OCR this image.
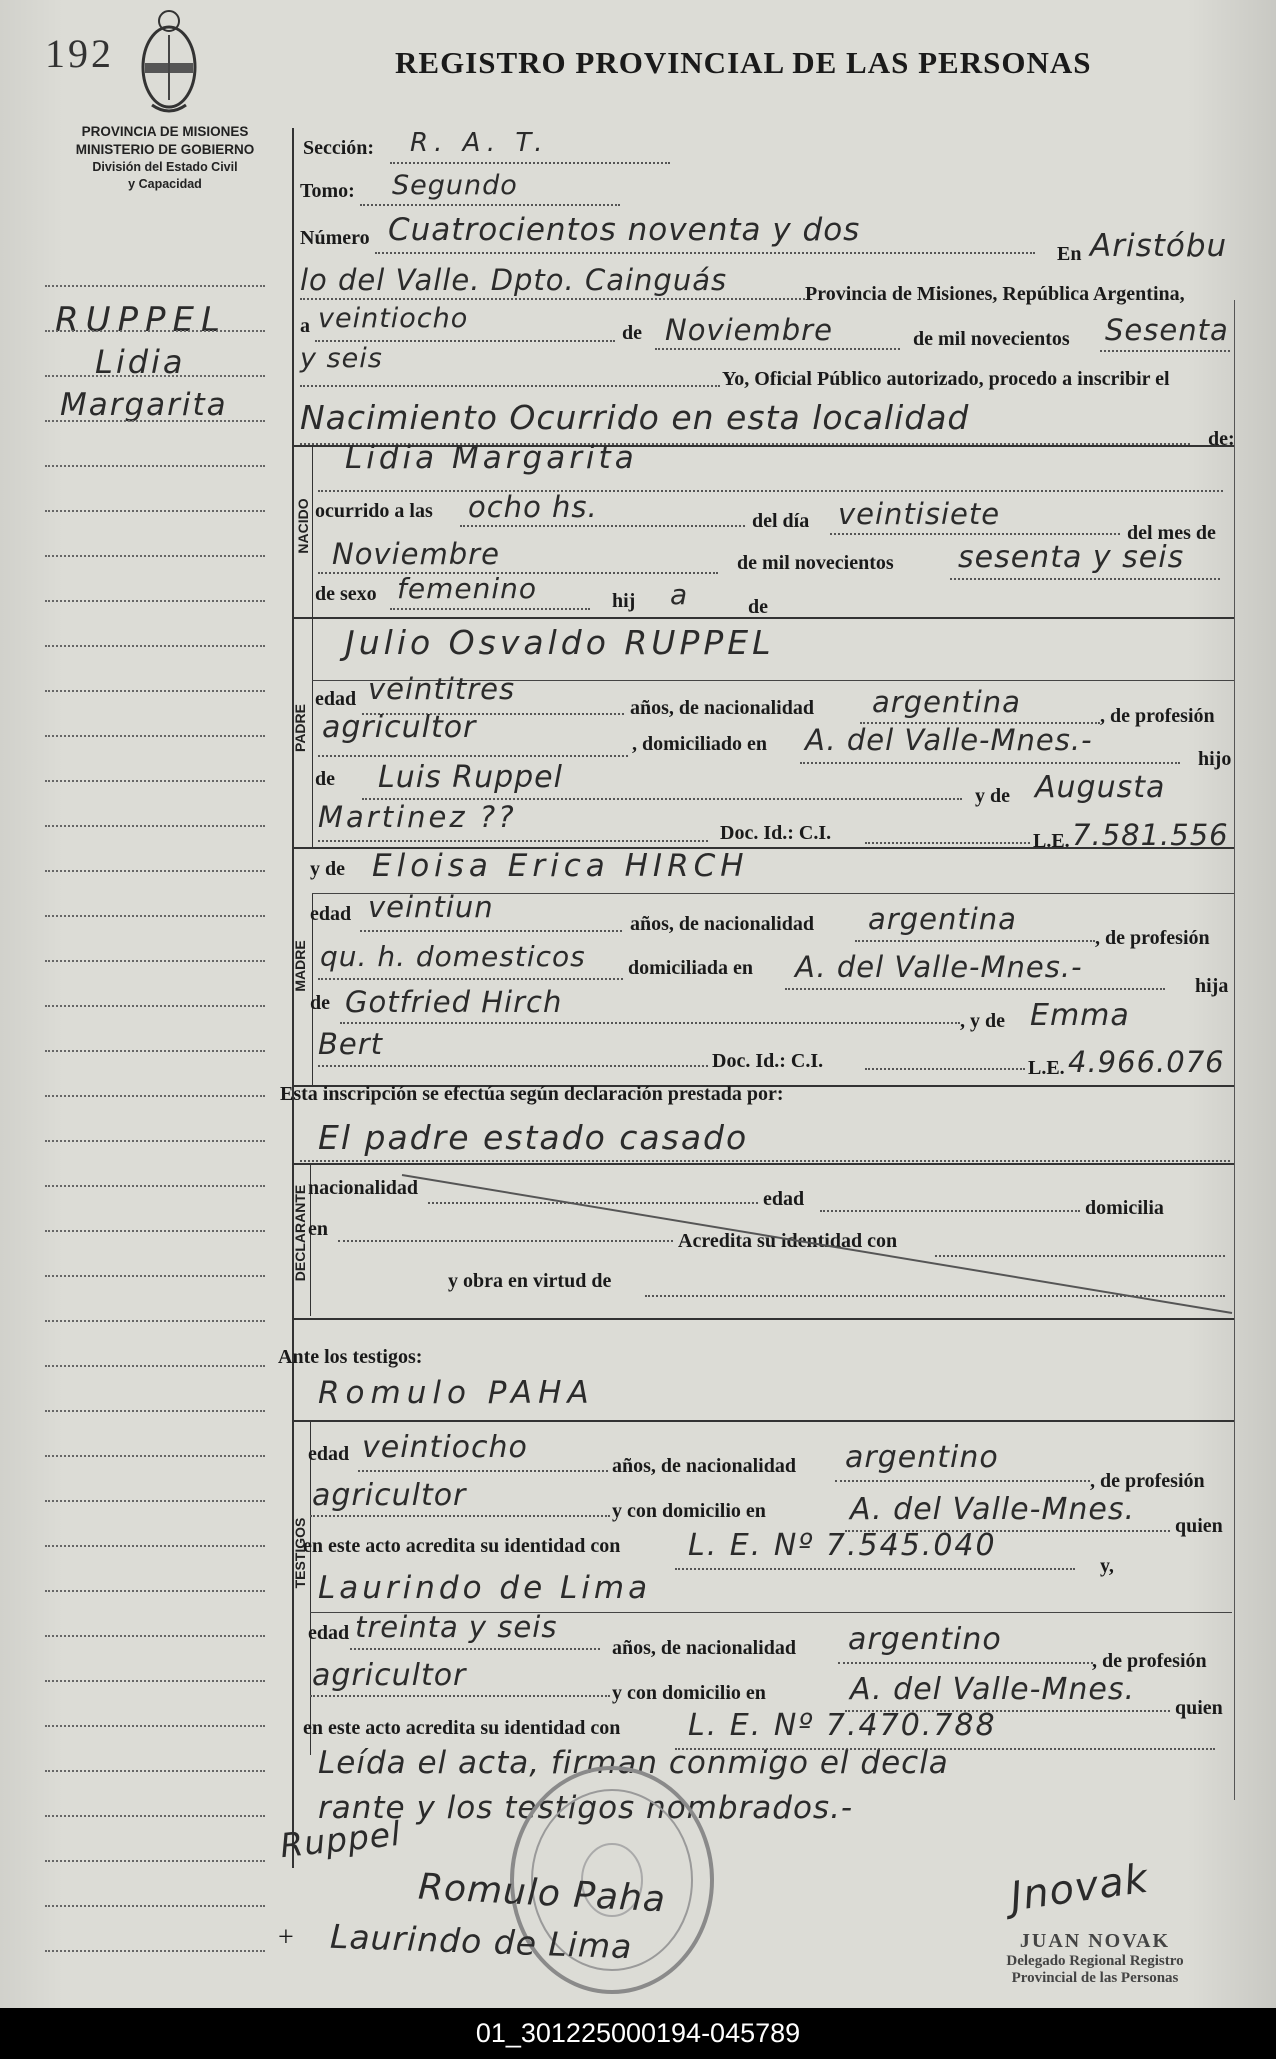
192	REGISTRO PROVINCIAL DE LAS PERSONAS
PROVINCIA DE MISIONES
MINISTERIO DE GOBIERNO
División del Estado Civil
y Capacidad
RUPPEL
Lidia
Margarita
Sección: R. A. T.
Tomo: Segundo
Número Cuatrocientos noventa y dos
En Aristóbu
lo del Valle. Dpto. Cainguás	Provincia de Misiones, República Argentina,
a veintiocho	de Noviembre	de mil novecientos Sesenta
y seis
Yo, Oficial Público autorizado, procedo a inscribir el
Nacimiento Ocurrido en esta localidad
de:
NACIDO
Lidia Margarita
ocurrido a las ocho hs.	del día veintisiete
del mes de
Noviembre	de mil novecientos sesenta y seis
de sexo femenino	hij a	de
PADRE
Julio Osvaldo RUPPEL
edad veintitres
años, de nacionalidad argentina	, de profesión
agricultor	, domiciliado en A. del Valle-Mnes.-
hijo
de Luis Ruppel
y de Augusta
Martinez ??	Doc. Id.: C.I.	L.E. 7.581.556
MADRE
y de Eloisa Erica HIRCH
edad veintiun	años, de nacionalidad argentina
, de profesión
qu. h. domesticos domiciliada en A. del Valle-Mnes.-
hija
de Gotfried Hirch
, y de Emma
Bert	Doc. Id.: C.I.	L.E. 4.966.076
Esta inscripción se efectúa según declaración prestada por:
El padre estado casado
DECLARANTE nacionalidad	edad	domicilia
en
Acredita su identidad con
y obra en virtud de
Ante los testigos:
TESTIGOS
Romulo PAHA
edad veintiocho
años, de nacionalidad argentino
, de profesión
agricultor	y con domicilio en	A. del Valle-Mnes. quien
en este acto acredita su identidad con L. E. Nº 7.545.040
y,
Laurindo de Lima
edad treinta y seis
años, de nacionalidad argentino
, de profesión
agricultor	y con domicilio en	A. del Valle-Mnes.
quien
en este acto acredita su identidad con L. E. Nº 7.470.788
Leída el acta, firman conmigo el decla
rante y los testigos nombrados.-
Ruppel
Romulo Paha
Laurindo de Lima
+
Jnovak
JUAN NOVAK
Delegado Regional Registro
Provincial de las Personas
01_301225000194-045789
